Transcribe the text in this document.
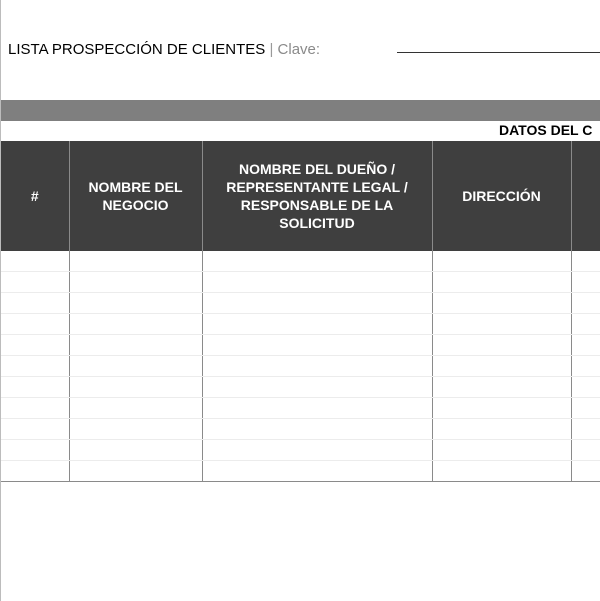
LISTA PROSPECCIÓN DE CLIENTES | Clave:
DATOS DEL C
#	NOMBRE DEL NEGOCIO	NOMBRE DEL DUEÑO / REPRESENTANTE LEGAL / RESPONSABLE DE LA SOLICITUD	DIRECCIÓN	
